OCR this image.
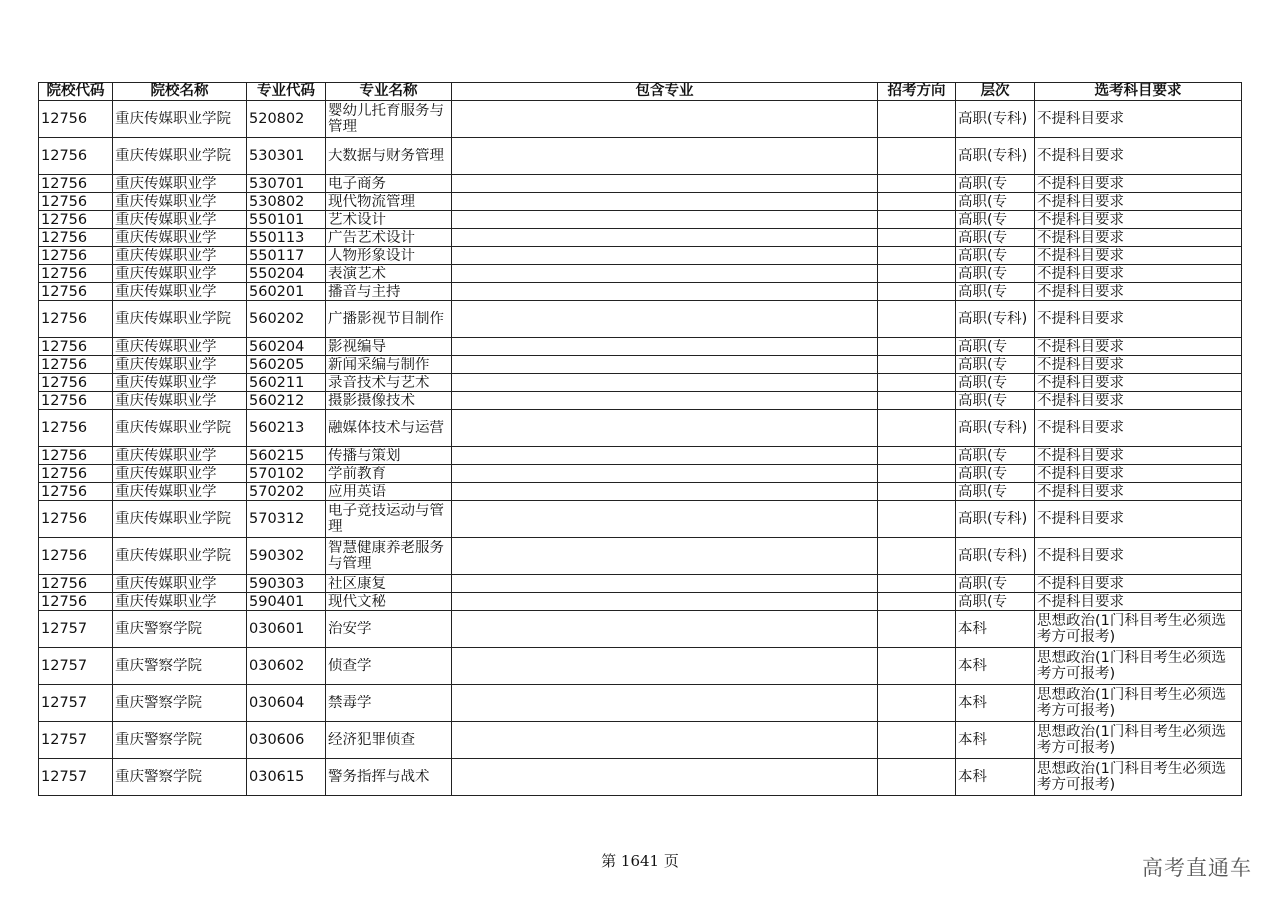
院校代码	院校名称	专业代码	专业名称	包含专业	招考方向	层次	选考科目要求

12756	重庆传媒职业学院	520802	婴幼儿托育服务与管理			高职(专科)	不提科目要求

12756	重庆传媒职业学院	530301	大数据与财务管理			高职(专科)	不提科目要求

12756	重庆传媒职业学	530701	电子商务			高职(专	不提科目要求

12756	重庆传媒职业学	530802	现代物流管理			高职(专	不提科目要求

12756	重庆传媒职业学	550101	艺术设计			高职(专	不提科目要求

12756	重庆传媒职业学	550113	广告艺术设计			高职(专	不提科目要求

12756	重庆传媒职业学	550117	人物形象设计			高职(专	不提科目要求

12756	重庆传媒职业学	550204	表演艺术			高职(专	不提科目要求

12756	重庆传媒职业学	560201	播音与主持			高职(专	不提科目要求

12756	重庆传媒职业学院	560202	广播影视节目制作			高职(专科)	不提科目要求

12756	重庆传媒职业学	560204	影视编导			高职(专	不提科目要求

12756	重庆传媒职业学	560205	新闻采编与制作			高职(专	不提科目要求

12756	重庆传媒职业学	560211	录音技术与艺术			高职(专	不提科目要求

12756	重庆传媒职业学	560212	摄影摄像技术			高职(专	不提科目要求

12756	重庆传媒职业学院	560213	融媒体技术与运营			高职(专科)	不提科目要求

12756	重庆传媒职业学	560215	传播与策划			高职(专	不提科目要求

12756	重庆传媒职业学	570102	学前教育			高职(专	不提科目要求

12756	重庆传媒职业学	570202	应用英语			高职(专	不提科目要求

12756	重庆传媒职业学院	570312	电子竞技运动与管理			高职(专科)	不提科目要求

12756	重庆传媒职业学院	590302	智慧健康养老服务与管理			高职(专科)	不提科目要求

12756	重庆传媒职业学	590303	社区康复			高职(专	不提科目要求

12756	重庆传媒职业学	590401	现代文秘			高职(专	不提科目要求

12757	重庆警察学院	030601	治安学			本科	思想政治(1门科目考生必须选考方可报考)

12757	重庆警察学院	030602	侦查学			本科	思想政治(1门科目考生必须选考方可报考)

12757	重庆警察学院	030604	禁毒学			本科	思想政治(1门科目考生必须选考方可报考)

12757	重庆警察学院	030606	经济犯罪侦查			本科	思想政治(1门科目考生必须选考方可报考)

12757	重庆警察学院	030615	警务指挥与战术			本科	思想政治(1门科目考生必须选考方可报考)
第 1641 页	高考直通车
